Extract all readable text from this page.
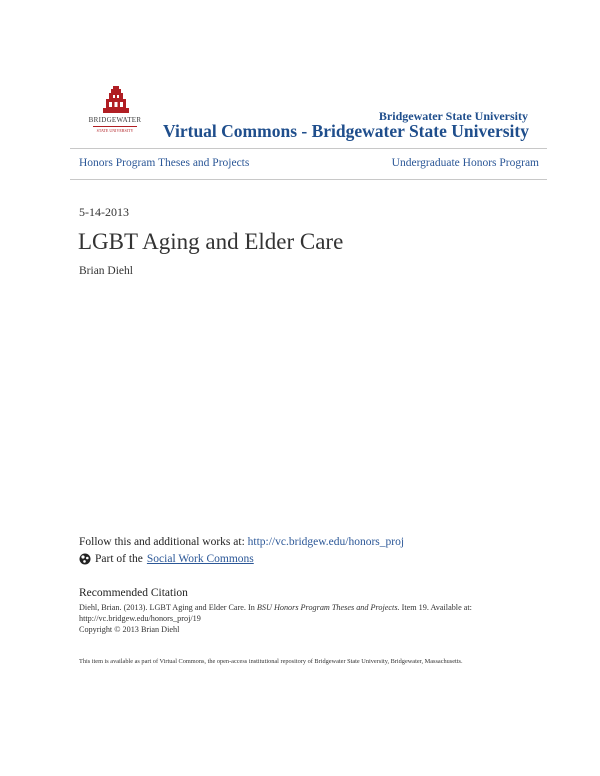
BRIDGEWATER
STATE UNIVERSITY
Bridgewater State University
Virtual Commons - Bridgewater State University
Honors Program Theses and Projects	Undergraduate Honors Program
5-14-2013
LGBT Aging and Elder Care
Brian Diehl
Follow this and additional works at: http://vc.bridgew.edu/honors_proj
Part of the Social Work Commons
Recommended Citation
Diehl, Brian. (2013). LGBT Aging and Elder Care. In BSU Honors Program Theses and Projects. Item 19. Available at:
http://vc.bridgew.edu/honors_proj/19
Copyright © 2013 Brian Diehl
This item is available as part of Virtual Commons, the open-access institutional repository of Bridgewater State University, Bridgewater, Massachusetts.
